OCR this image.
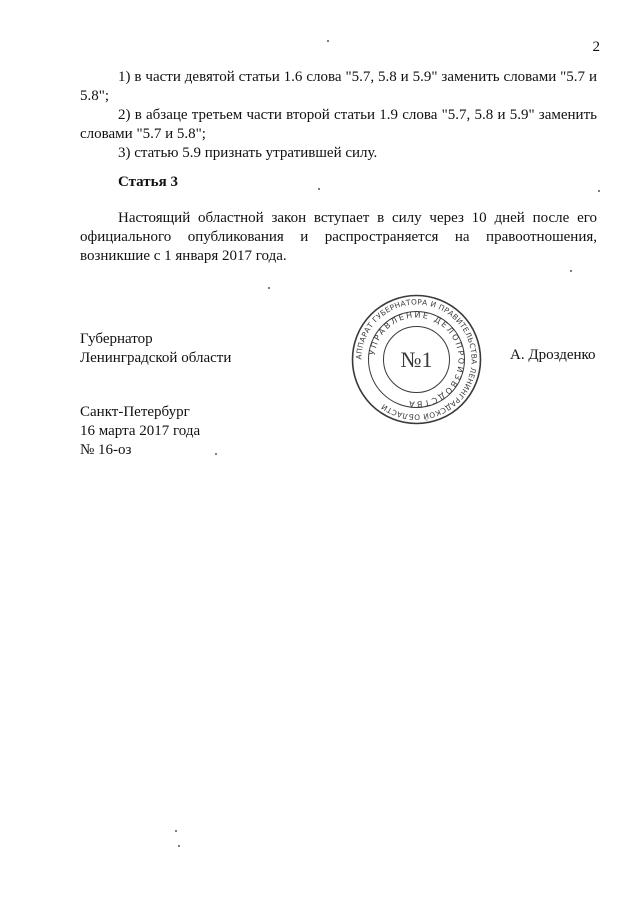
2

1) в части девятой статьи 1.6 слова "5.7, 5.8 и 5.9" заменить словами "5.7 и 5.8";

2) в абзаце третьем части второй статьи 1.9 слова "5.7, 5.8 и 5.9" заменить словами "5.7 и 5.8";

3) статью 5.9 признать утратившей силу.

Статья 3

Настоящий областной закон вступает в силу через 10 дней после его официального опубликования и распространяется на правоотношения, возникшие с 1 января 2017 года.

Губернатор
Ленинградской области	А. Дрозденко
АППАРАТ ГУБЕРНАТОРА И ПРАВИТЕЛЬСТВА ЛЕНИНГРАДСКОЙ ОБЛАСТИ
УПРАВЛЕНИЕ ДЕЛОПРОИЗВОДСТВА
№1
Санкт-Петербург
16 марта 2017 года
№ 16-оз
